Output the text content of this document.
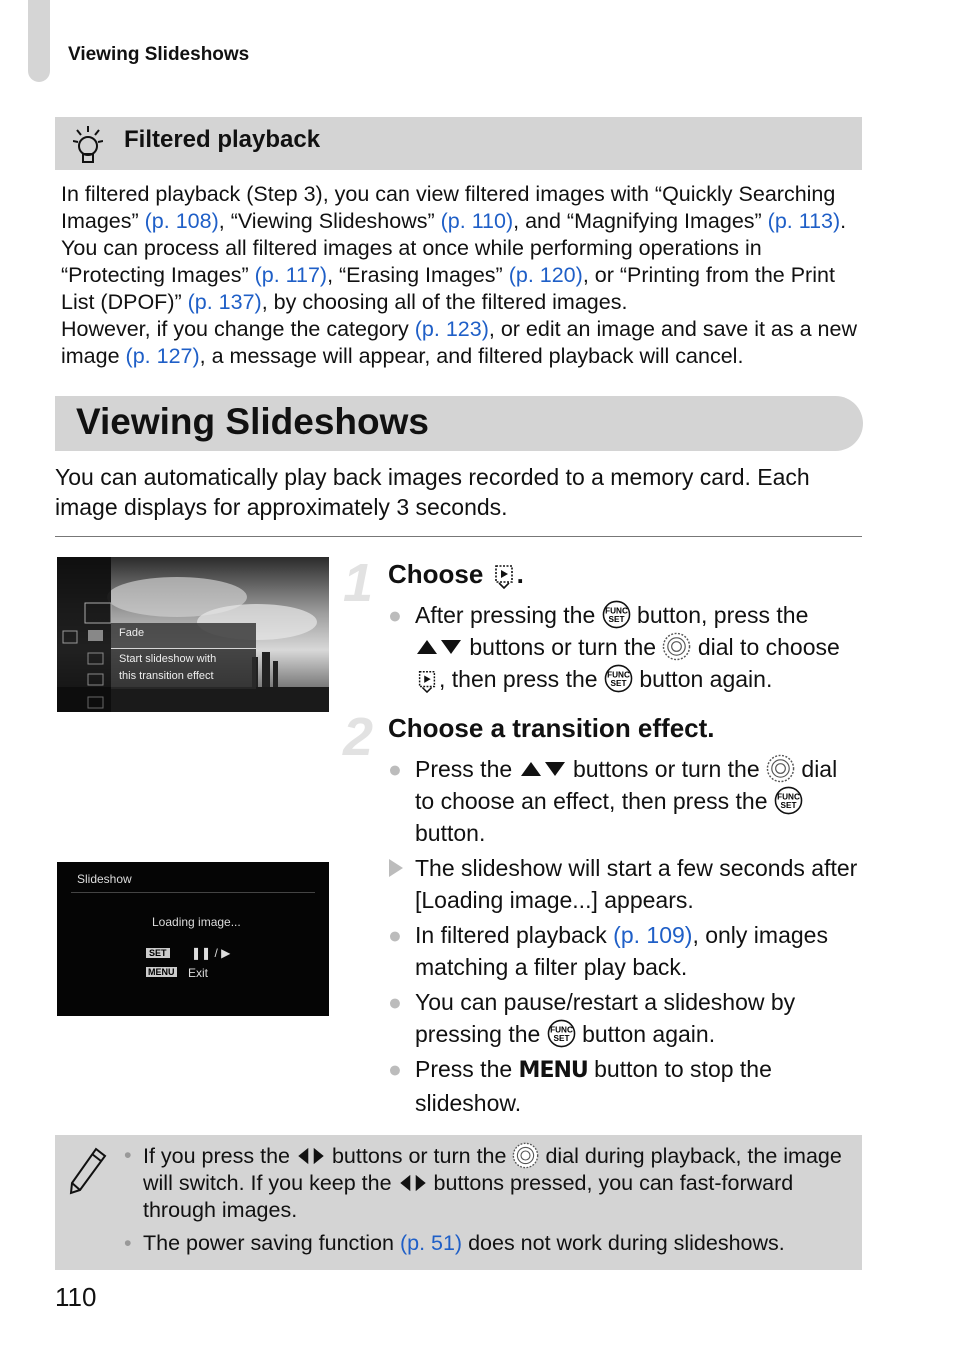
Viewing Slideshows
Filtered playback

In filtered playback (Step 3), you can view filtered images with “Quickly Searching Images” (p. 108), “Viewing Slideshows” (p. 110), and “Magnifying Images” (p. 113). You can process all filtered images at once while performing operations in “Protecting Images” (p. 117), “Erasing Images” (p. 120), or “Printing from the Print List (DPOF)” (p. 137), by choosing all of the filtered images.

However, if you change the category (p. 123), or edit an image and save it as a new image (p. 127), a message will appear, and filtered playback will cancel.

Viewing Slideshows
You can automatically play back images recorded to a memory card. Each image displays for approximately 3 seconds.
Fade
Start slideshow with
this transition effect
Slideshow
Loading image...
SET ❚❚ / ▶
MENU Exit
1 Choose .
● After pressing the button, press the  buttons or turn the dial to choose , then press the button again.
2 Choose a transition effect.
● Press the	buttons or turn the dial to choose an effect, then press the  button.
The slideshow will start a few seconds after [Loading image...] appears.
● In filtered playback (p. 109), only images matching a filter play back.
● You can pause/restart a slideshow by pressing the button again.
● Press the MENU button to stop the slideshow.
• If you press the buttons or turn the dial during playback, the image will switch. If you keep the buttons pressed, you can fast-forward through images.
• The power saving function (p. 51) does not work during slideshows.
110
